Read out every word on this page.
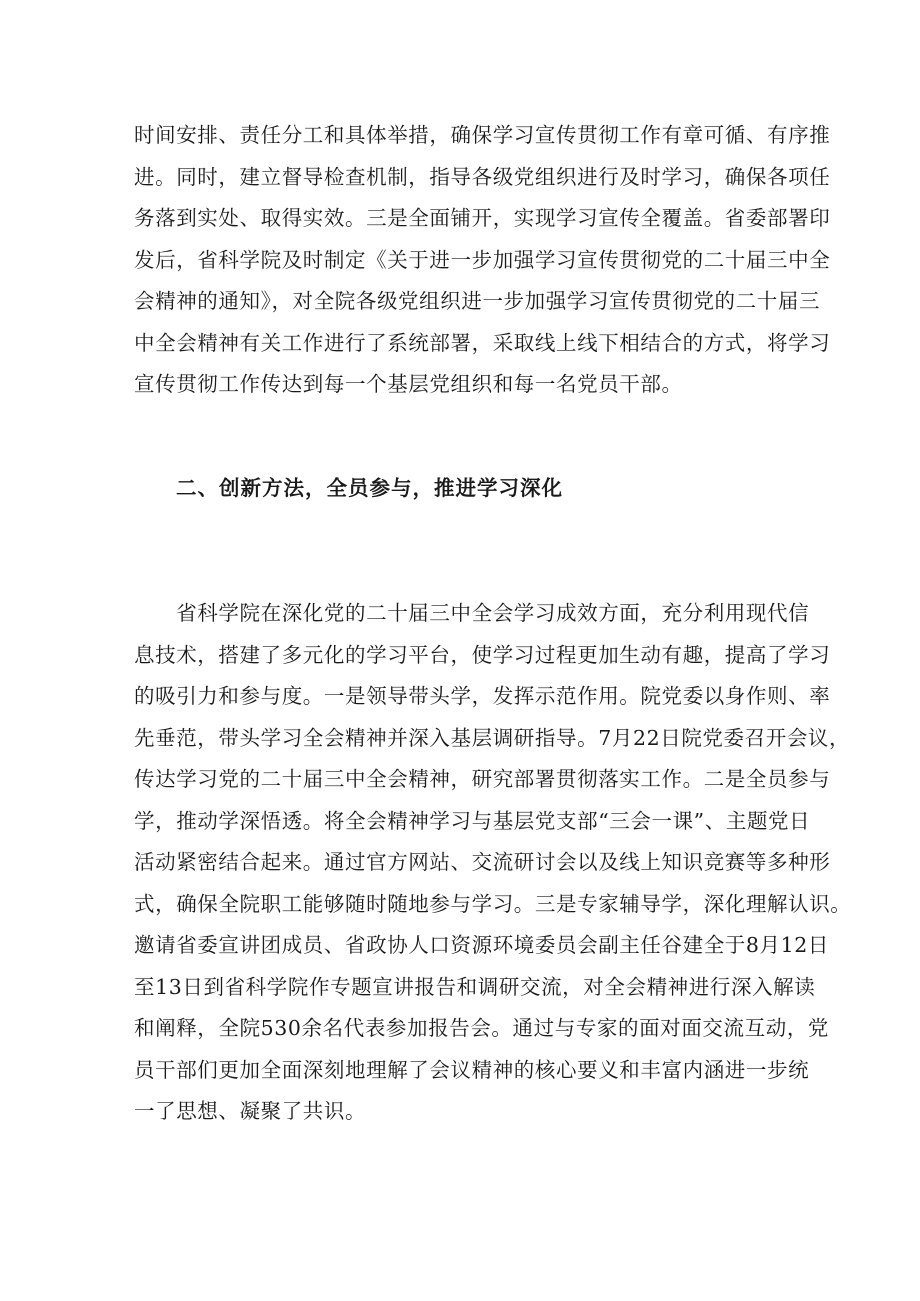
时间安排、责任分工和具体举措，确保学习宣传贯彻工作有章可循、有序推
进。同时，建立督导检查机制，指导各级党组织进行及时学习，确保各项任
务落到实处、取得实效。三是全面铺开，实现学习宣传全覆盖。省委部署印
发后，省科学院及时制定《关于进一步加强学习宣传贯彻党的二十届三中全
会精神的通知》，对全院各级党组织进一步加强学习宣传贯彻党的二十届三
中全会精神有关工作进行了系统部署，采取线上线下相结合的方式，将学习
宣传贯彻工作传达到每一个基层党组织和每一名党员干部。
二、创新方法，全员参与，推进学习深化
　　省科学院在深化党的二十届三中全会学习成效方面，充分利用现代信
息技术，搭建了多元化的学习平台，使学习过程更加生动有趣，提高了学习
的吸引力和参与度。一是领导带头学，发挥示范作用。院党委以身作则、率
先垂范，带头学习全会精神并深入基层调研指导。7月22日院党委召开会议，
传达学习党的二十届三中全会精神，研究部署贯彻落实工作。二是全员参与
学，推动学深悟透。将全会精神学习与基层党支部“三会一课”、主题党日
活动紧密结合起来。通过官方网站、交流研讨会以及线上知识竞赛等多种形
式，确保全院职工能够随时随地参与学习。三是专家辅导学，深化理解认识。
邀请省委宣讲团成员、省政协人口资源环境委员会副主任谷建全于8月12日
至13日到省科学院作专题宣讲报告和调研交流，对全会精神进行深入解读
和阐释，全院530余名代表参加报告会。通过与专家的面对面交流互动，党
员干部们更加全面深刻地理解了会议精神的核心要义和丰富内涵进一步统
一了思想、凝聚了共识。
